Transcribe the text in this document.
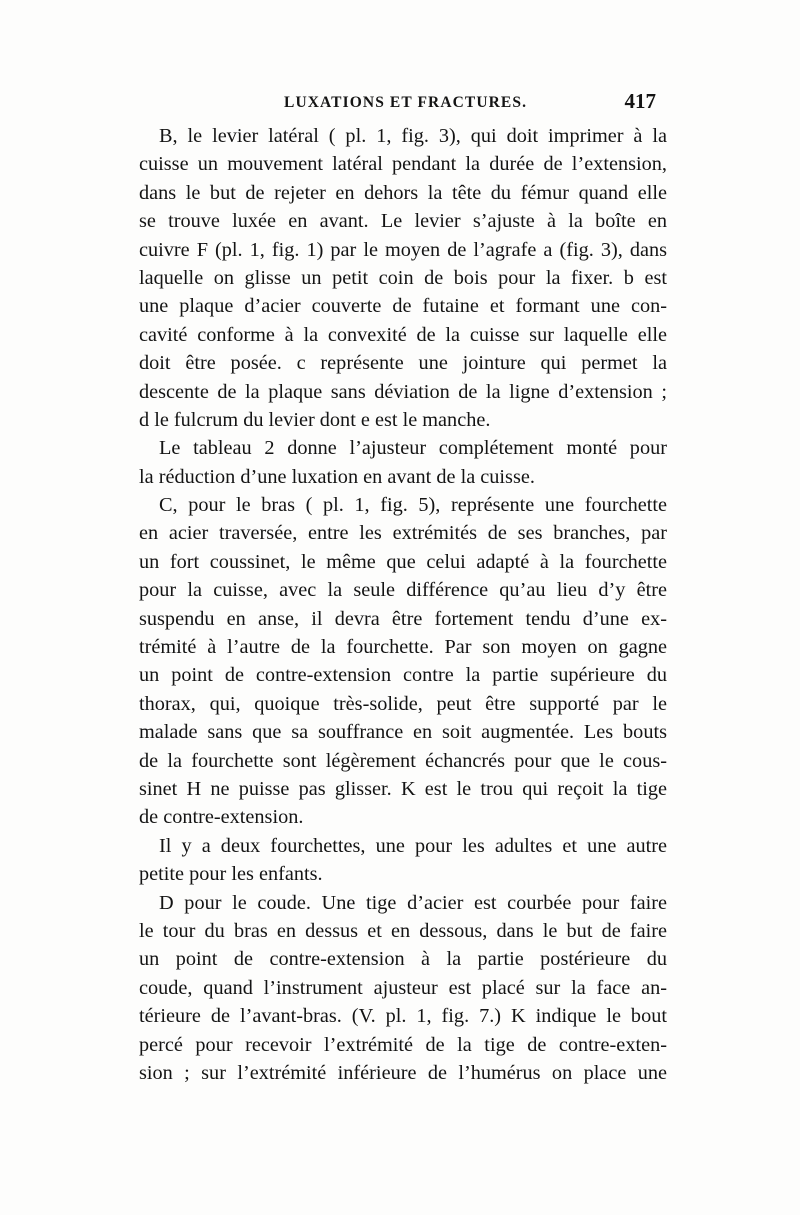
LUXATIONS ET FRACTURES.	417
B, le levier latéral ( pl. 1, fig. 3), qui doit imprimer à la
cuisse un mouvement latéral pendant la durée de l’extension,
dans le but de rejeter en dehors la tête du fémur quand elle
se trouve luxée en avant. Le levier s’ajuste à la boîte en
cuivre F (pl. 1, fig. 1) par le moyen de l’agrafe a (fig. 3), dans
laquelle on glisse un petit coin de bois pour la fixer. b est
une plaque d’acier couverte de futaine et formant une con-
cavité conforme à la convexité de la cuisse sur laquelle elle
doit être posée. c représente une jointure qui permet la
descente de la plaque sans déviation de la ligne d’extension ;
d le fulcrum du levier dont e est le manche.
Le tableau 2 donne l’ajusteur complétement monté pour
la réduction d’une luxation en avant de la cuisse.
C, pour le bras ( pl. 1, fig. 5), représente une fourchette
en acier traversée, entre les extrémités de ses branches, par
un fort coussinet, le même que celui adapté à la fourchette
pour la cuisse, avec la seule différence qu’au lieu d’y être
suspendu en anse, il devra être fortement tendu d’une ex-
trémité à l’autre de la fourchette. Par son moyen on gagne
un point de contre-extension contre la partie supérieure du
thorax, qui, quoique très-solide, peut être supporté par le
malade sans que sa souffrance en soit augmentée. Les bouts
de la fourchette sont légèrement échancrés pour que le cous-
sinet H ne puisse pas glisser. K est le trou qui reçoit la tige
de contre-extension.
Il y a deux fourchettes, une pour les adultes et une autre
petite pour les enfants.
D pour le coude. Une tige d’acier est courbée pour faire
le tour du bras en dessus et en dessous, dans le but de faire
un point de contre-extension à la partie postérieure du
coude, quand l’instrument ajusteur est placé sur la face an-
térieure de l’avant-bras. (V. pl. 1, fig. 7.) K indique le bout
percé pour recevoir l’extrémité de la tige de contre-exten-
sion ; sur l’extrémité inférieure de l’humérus on place une
